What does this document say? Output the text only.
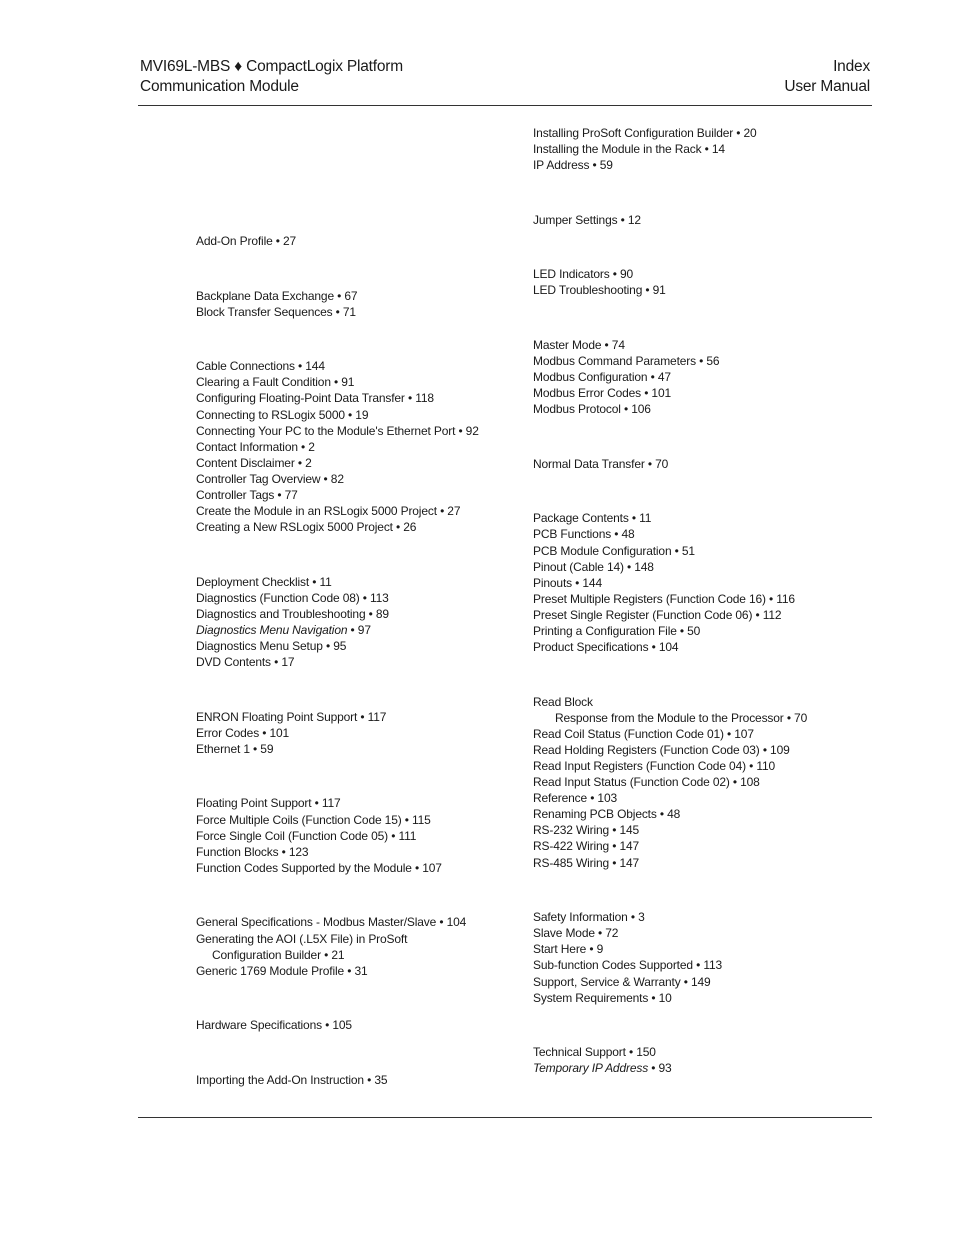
MVI69L-MBS ♦ CompactLogix Platform
Communication Module
Index
User Manual
Add-On Profile • 27
Backplane Data Exchange • 67
Block Transfer Sequences • 71
Cable Connections • 144
Clearing a Fault Condition • 91
Configuring Floating-Point Data Transfer • 118
Connecting to RSLogix 5000 • 19
Connecting Your PC to the Module's Ethernet Port • 92
Contact Information • 2
Content Disclaimer • 2
Controller Tag Overview • 82
Controller Tags • 77
Create the Module in an RSLogix 5000 Project • 27
Creating a New RSLogix 5000 Project • 26
Deployment Checklist • 11
Diagnostics (Function Code 08) • 113
Diagnostics and Troubleshooting • 89
Diagnostics Menu Navigation • 97
Diagnostics Menu Setup • 95
DVD Contents • 17
ENRON Floating Point Support • 117
Error Codes • 101
Ethernet 1 • 59
Floating Point Support • 117
Force Multiple Coils (Function Code 15) • 115
Force Single Coil (Function Code 05) • 111
Function Blocks • 123
Function Codes Supported by the Module • 107
General Specifications - Modbus Master/Slave • 104
Generating the AOI (.L5X File) in ProSoft
Configuration Builder • 21
Generic 1769 Module Profile • 31
Hardware Specifications • 105
Importing the Add-On Instruction • 35
Installing ProSoft Configuration Builder • 20
Installing the Module in the Rack • 14
IP Address • 59
Jumper Settings • 12
LED Indicators • 90
LED Troubleshooting • 91
Master Mode • 74
Modbus Command Parameters • 56
Modbus Configuration • 47
Modbus Error Codes • 101
Modbus Protocol • 106
Normal Data Transfer • 70
Package Contents • 11
PCB Functions • 48
PCB Module Configuration • 51
Pinout (Cable 14) • 148
Pinouts • 144
Preset Multiple Registers (Function Code 16) • 116
Preset Single Register (Function Code 06) • 112
Printing a Configuration File • 50
Product Specifications • 104
Read Block
Response from the Module to the Processor • 70
Read Coil Status (Function Code 01) • 107
Read Holding Registers (Function Code 03) • 109
Read Input Registers (Function Code 04) • 110
Read Input Status (Function Code 02) • 108
Reference • 103
Renaming PCB Objects • 48
RS-232 Wiring • 145
RS-422 Wiring • 147
RS-485 Wiring • 147
Safety Information • 3
Slave Mode • 72
Start Here • 9
Sub-function Codes Supported • 113
Support, Service & Warranty • 149
System Requirements • 10
Technical Support • 150
Temporary IP Address • 93
